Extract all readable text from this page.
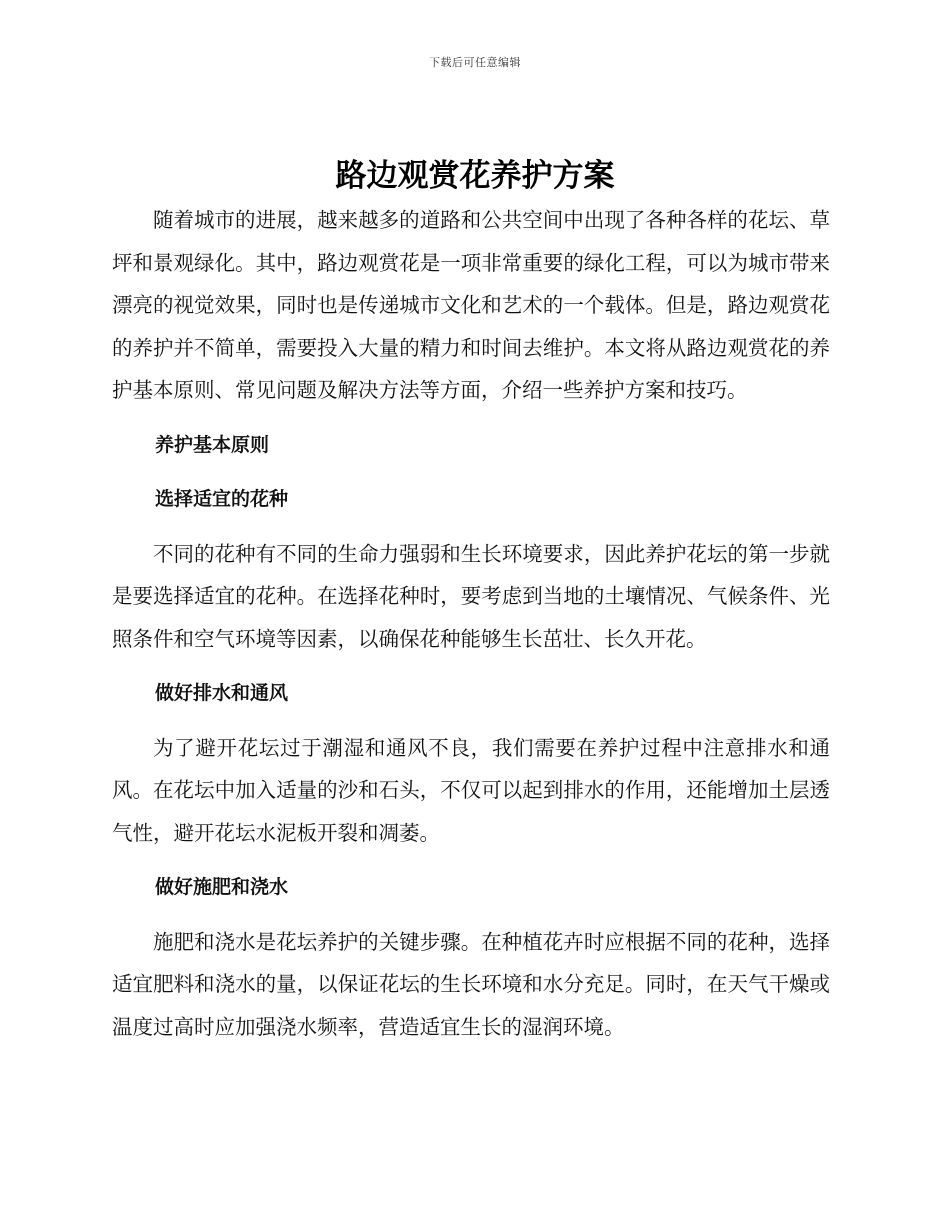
下载后可任意编辑
路边观赏花养护方案

随着城市的进展，越来越多的道路和公共空间中出现了各种各样的花坛、草坪和景观绿化。其中，路边观赏花是一项非常重要的绿化工程，可以为城市带来漂亮的视觉效果，同时也是传递城市文化和艺术的一个载体。但是，路边观赏花的养护并不简单，需要投入大量的精力和时间去维护。本文将从路边观赏花的养护基本原则、常见问题及解决方法等方面，介绍一些养护方案和技巧。

养护基本原则

选择适宜的花种

不同的花种有不同的生命力强弱和生长环境要求，因此养护花坛的第一步就是要选择适宜的花种。在选择花种时，要考虑到当地的土壤情况、气候条件、光照条件和空气环境等因素，以确保花种能够生长茁壮、长久开花。

做好排水和通风

为了避开花坛过于潮湿和通风不良，我们需要在养护过程中注意排水和通风。在花坛中加入适量的沙和石头，不仅可以起到排水的作用，还能增加土层透气性，避开花坛水泥板开裂和凋萎。

做好施肥和浇水

施肥和浇水是花坛养护的关键步骤。在种植花卉时应根据不同的花种，选择适宜肥料和浇水的量，以保证花坛的生长环境和水分充足。同时，在天气干燥或温度过高时应加强浇水频率，营造适宜生长的湿润环境。
